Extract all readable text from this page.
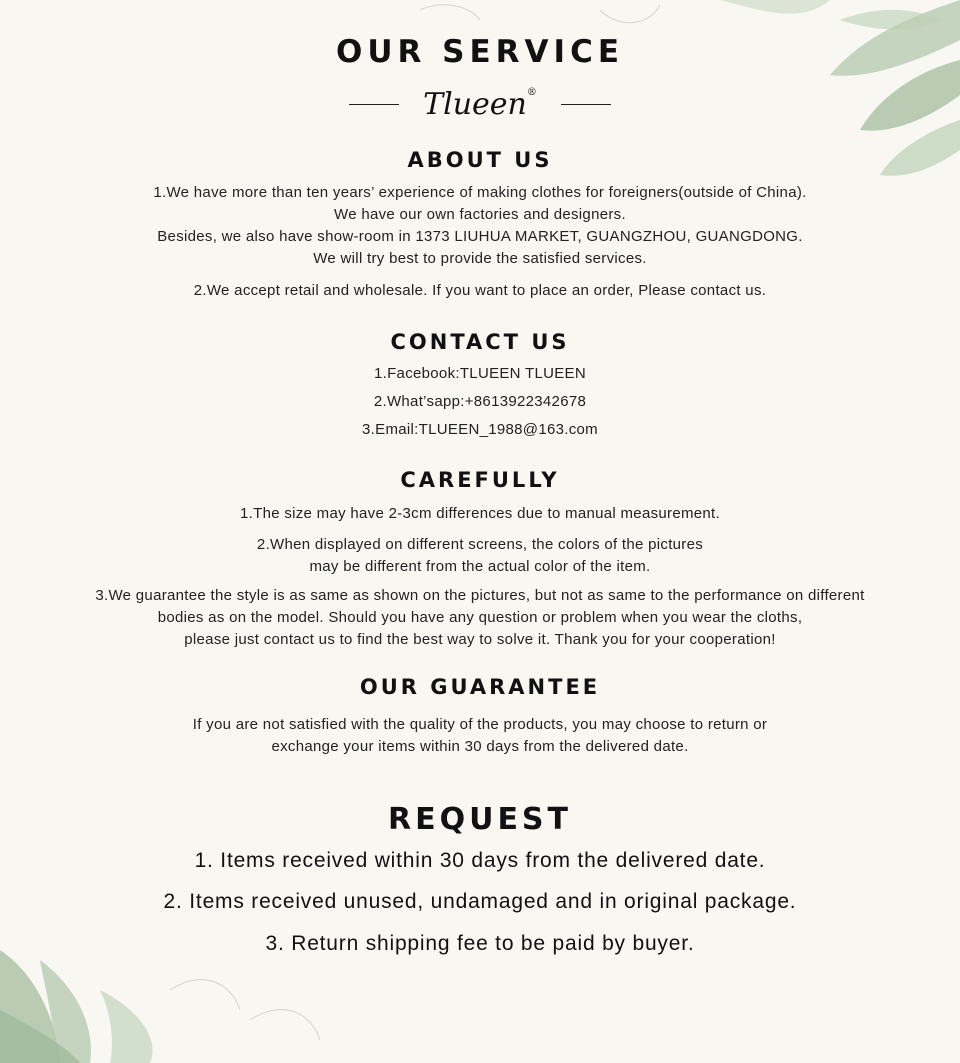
OUR SERVICE
Tlueen®
ABOUT US

1.We have more than ten years’ experience of making clothes for foreigners(outside of China).

We have our own factories and designers.

Besides, we also have show-room in 1373 LIUHUA MARKET, GUANGZHOU, GUANGDONG.

We will try best to provide the satisfied services.

2.We accept retail and wholesale. If you want to place an order, Please contact us.

CONTACT US

1.Facebook:TLUEEN TLUEEN

2.What’sapp:+8613922342678

3.Email:TLUEEN_1988@163.com

CAREFULLY

1.The size may have 2-3cm differences due to manual measurement.

2.When displayed on different screens, the colors of the pictures

may be different from the actual color of the item.

3.We guarantee the style is as same as shown on the pictures, but not as same to the performance on different

bodies as on the model. Should you have any question or problem when you wear the cloths,

please just contact us to find the best way to solve it. Thank you for your cooperation!

OUR GUARANTEE

If you are not satisfied with the quality of the products, you may choose to return or

exchange your items within 30 days from the delivered date.

REQUEST

1. Items received within 30 days from the delivered date.

2. Items received unused, undamaged and in original package.

3. Return shipping fee to be paid by buyer.
